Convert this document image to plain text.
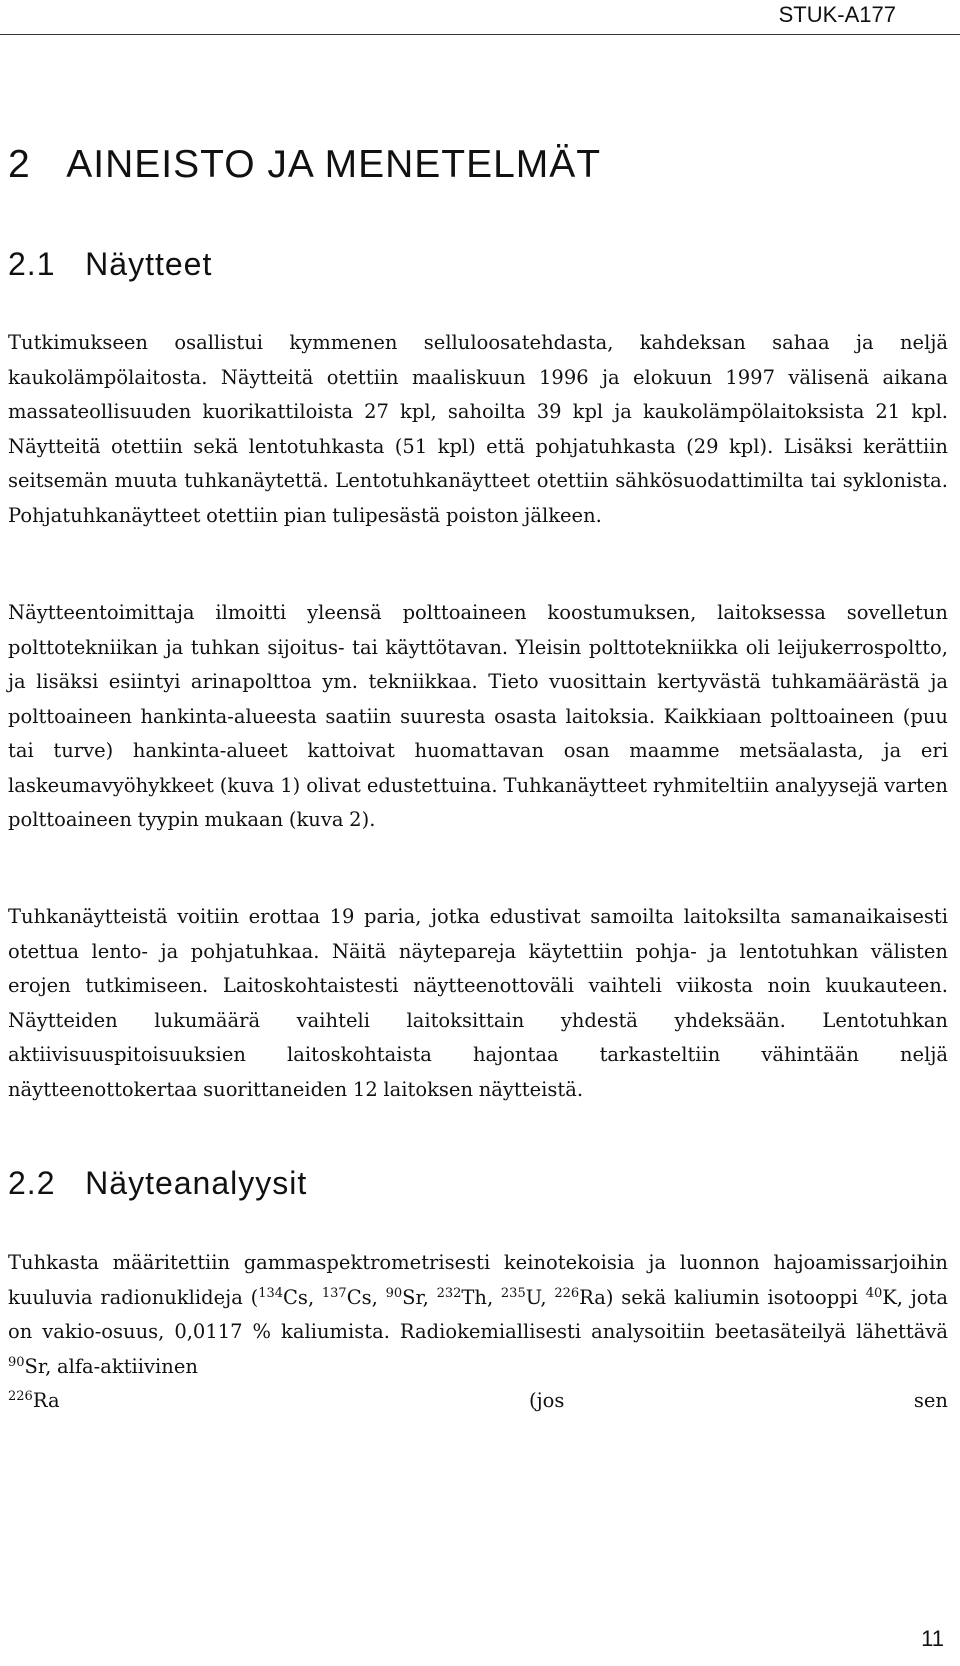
STUK-A177
2 AINEISTO JA MENETELMÄT
2.1 Näytteet

Tutkimukseen osallistui kymmenen selluloosatehdasta, kahdeksan sahaa ja neljä kaukolämpölaitosta. Näytteitä otettiin maaliskuun 1996 ja elokuun 1997 välisenä aikana massateollisuuden kuorikattiloista 27 kpl, sahoilta 39 kpl ja kaukolämpölaitoksista 21 kpl. Näytteitä otettiin sekä lentotuhkasta (51 kpl) että pohjatuhkasta (29 kpl). Lisäksi kerättiin seitsemän muuta tuhkanäytettä. Lentotuhkanäytteet otettiin sähkösuodattimilta tai syklonista. Pohjatuhkanäytteet otettiin pian tulipesästä poiston jälkeen.

Näytteentoimittaja ilmoitti yleensä polttoaineen koostumuksen, laitoksessa sovelletun polttotekniikan ja tuhkan sijoitus- tai käyttötavan. Yleisin polttotekniikka oli leijukerrospoltto, ja lisäksi esiintyi arinapolttoa ym. tekniikkaa. Tieto vuosittain kertyvästä tuhkamäärästä ja polttoaineen hankinta-alueesta saatiin suuresta osasta laitoksia. Kaikkiaan polttoaineen (puu tai turve) hankinta-alueet kattoivat huomattavan osan maamme metsäalasta, ja eri laskeumavyöhykkeet (kuva 1) olivat edustettuina. Tuhkanäytteet ryhmiteltiin analyysejä varten polttoaineen tyypin mukaan (kuva 2).

Tuhkanäytteistä voitiin erottaa 19 paria, jotka edustivat samoilta laitoksilta samanaikaisesti otettua lento- ja pohjatuhkaa. Näitä näytepareja käytettiin pohja- ja lentotuhkan välisten erojen tutkimiseen. Laitoskohtaistesti näytteenottoväli vaihteli viikosta noin kuukauteen. Näytteiden lukumäärä vaihteli laitoksittain yhdestä yhdeksään. Lentotuhkan aktiivisuuspitoisuuksien laitoskohtaista hajontaa tarkasteltiin vähintään neljä näytteenottokertaa suorittaneiden 12 laitoksen näytteistä.

2.2 Näyteanalyysit

Tuhkasta määritettiin gammaspektrometrisesti keinotekoisia ja luonnon hajoamissarjoihin kuuluvia radionuklideja ($^{134}$Cs, $^{137}$Cs, $^{90}$Sr, $^{232}$Th, $^{235}$U, $^{226}$Ra) sekä kaliumin isotooppi $^{40}$K, jota on vakio-osuus, 0,0117 % kaliumista. Radiokemiallisesti analysoitiin beetasäteilyä lähettävä $^{90}$Sr, alfa-aktiivinen

$^{226}$Ra	(jos	sen
11
